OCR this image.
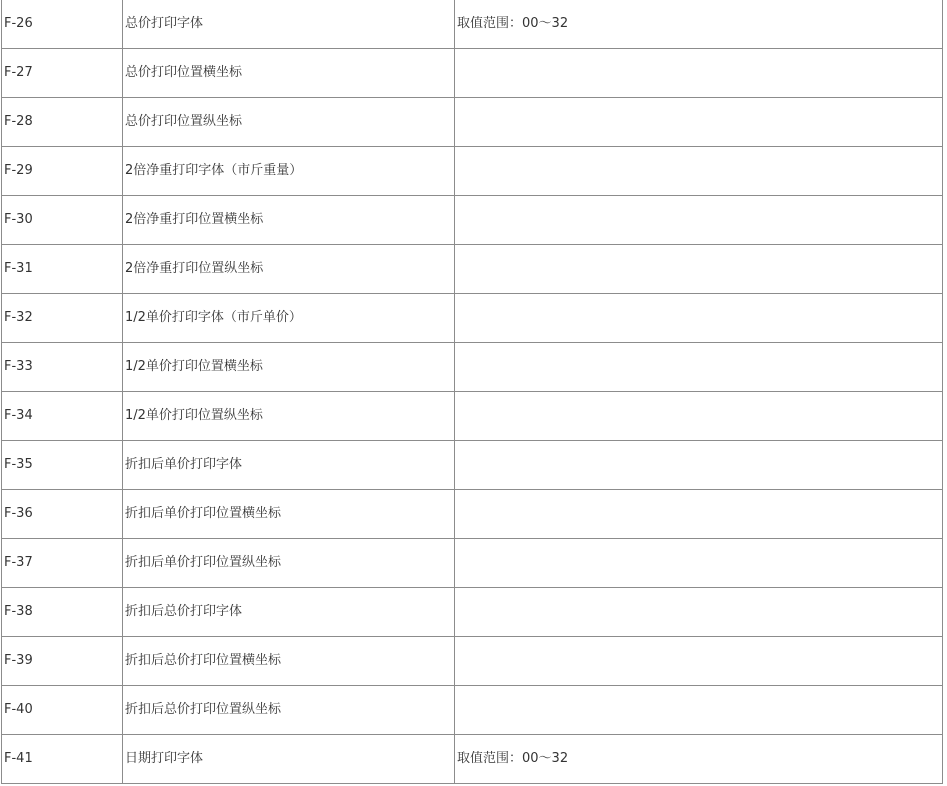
F-26	总价打印字体	取值范围：00～32
F-27	总价打印位置横坐标	
F-28	总价打印位置纵坐标	
F-29	2倍净重打印字体（市斤重量）	
F-30	2倍净重打印位置横坐标	
F-31	2倍净重打印位置纵坐标	
F-32	1/2单价打印字体（市斤单价）	
F-33	1/2单价打印位置横坐标	
F-34	1/2单价打印位置纵坐标	
F-35	折扣后单价打印字体	
F-36	折扣后单价打印位置横坐标	
F-37	折扣后单价打印位置纵坐标	
F-38	折扣后总价打印字体	
F-39	折扣后总价打印位置横坐标	
F-40	折扣后总价打印位置纵坐标	
F-41	日期打印字体	取值范围：00～32
